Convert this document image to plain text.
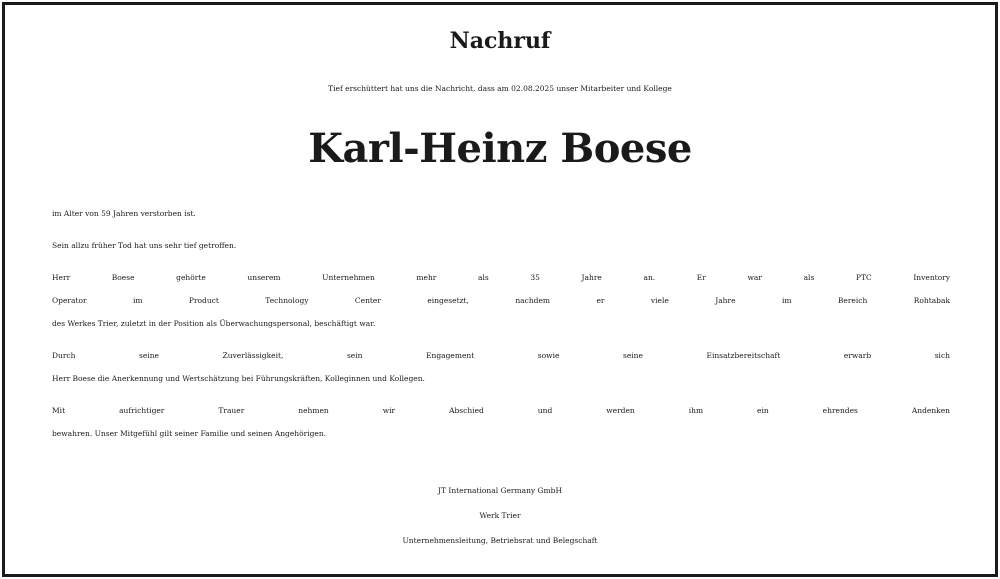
Nachruf
Tief erschüttert hat uns die Nachricht, dass am 02.08.2025 unser Mitarbeiter und Kollege
Karl-Heinz Boese

im Alter von 59 Jahren verstorben ist.

Sein allzu früher Tod hat uns sehr tief getroffen.

Herr Boese gehörte unserem Unternehmen mehr als 35 Jahre an. Er war als PTC Inventory
Operator im Product Technology Center eingesetzt, nachdem er viele Jahre im Bereich Rohtabak
des Werkes Trier, zuletzt in der Position als Überwachungspersonal, beschäftigt war.

Durch seine Zuverlässigkeit, sein Engagement sowie seine Einsatzbereitschaft erwarb sich
Herr Boese die Anerkennung und Wertschätzung bei Führungskräften, Kolleginnen und Kollegen.

Mit aufrichtiger Trauer nehmen wir Abschied und werden ihm ein ehrendes Andenken
bewahren. Unser Mitgefühl gilt seiner Familie und seinen Angehörigen.

JT International Germany GmbH
Werk Trier
Unternehmensleitung, Betriebsrat und Belegschaft
